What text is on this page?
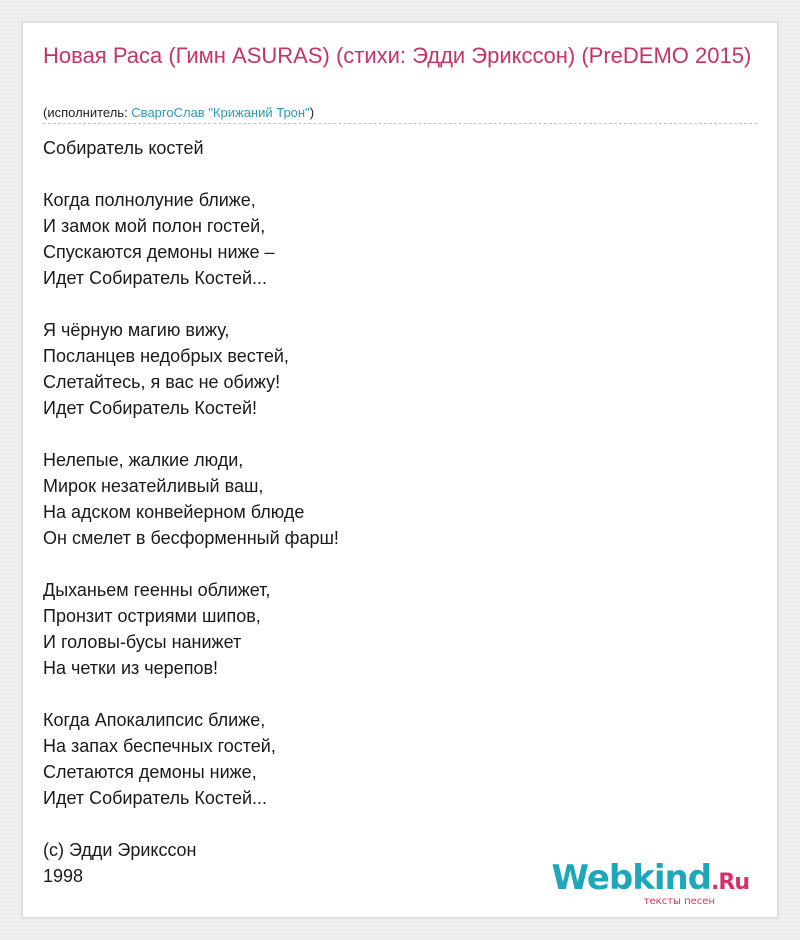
Новая Раса (Гимн ASURAS) (стихи: Эдди Эриксcон) (PreDEMO 2015)
(исполнитель: СваргоСлав "Крижаний Трон")
Собиратель костей
Когда полнолуние ближе,
И замок мой полон гостей,
Спускаются демоны ниже –
Идет Собиратель Костей...
Я чёрную магию вижу,
Посланцев недобрых вестей,
Слетайтесь, я вас не обижу!
Идет Собиратель Костей!
Нелепые, жалкие люди,
Мирок незатейливый ваш,
На адском конвейерном блюде
Он смелет в бесформенный фарш!
Дыханьем геенны оближет,
Пронзит остриями шипов,
И головы-бусы нанижет
На четки из черепов!
Когда Апокалипсис ближе,
На запах беспечных гостей,
Слетаются демоны ниже,
Идет Собиратель Костей...
(c) Эдди Эриксcон
1998	Webkind.Ru
тексты песен
